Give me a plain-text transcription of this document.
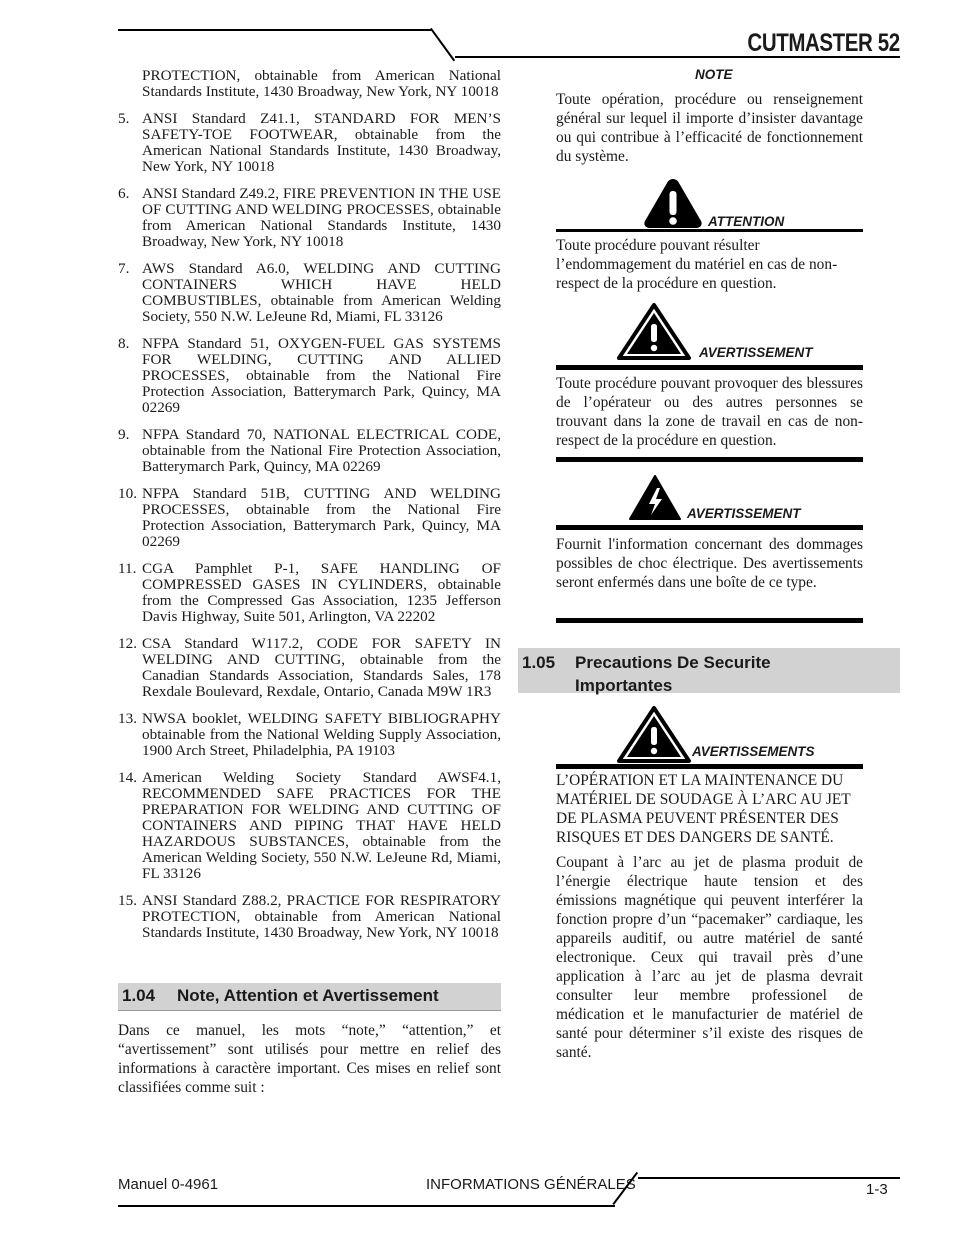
CUTMASTER 52
PROTECTION, obtainable from American National Standards Institute, 1430 Broadway, New York, NY 10018
5. ANSI Standard Z41.1, STANDARD FOR MEN’S SAFETY-TOE FOOTWEAR, obtainable from the American National Standards Institute, 1430 Broadway, New York, NY 10018
6. ANSI Standard Z49.2, FIRE PREVENTION IN THE USE OF CUTTING AND WELDING PROCESSES, obtainable from American National Standards Institute, 1430 Broadway, New York, NY 10018
7. AWS Standard A6.0, WELDING AND CUTTING CONTAINERS WHICH HAVE HELD COMBUSTIBLES, obtainable from American Welding Society, 550 N.W. LeJeune Rd, Miami, FL 33126
8. NFPA Standard 51, OXYGEN-FUEL GAS SYSTEMS FOR WELDING, CUTTING AND ALLIED PROCESSES, obtainable from the National Fire Protection Association, Batterymarch Park, Quincy, MA 02269
9. NFPA Standard 70, NATIONAL ELECTRICAL CODE, obtainable from the National Fire Protection Association, Batterymarch Park, Quincy, MA 02269
10. NFPA Standard 51B, CUTTING AND WELDING PROCESSES, obtainable from the National Fire Protection Association, Batterymarch Park, Quincy, MA 02269
11. CGA Pamphlet P-1, SAFE HANDLING OF COMPRESSED GASES IN CYLINDERS, obtainable from the Compressed Gas Association, 1235 Jefferson Davis Highway, Suite 501, Arlington, VA 22202
12. CSA Standard W117.2, CODE FOR SAFETY IN WELDING AND CUTTING, obtainable from the Canadian Standards Association, Standards Sales, 178 Rexdale Boulevard, Rexdale, Ontario, Canada M9W 1R3
13. NWSA booklet, WELDING SAFETY BIBLIOGRAPHY obtainable from the National Welding Supply Association, 1900 Arch Street, Philadelphia, PA 19103
14. American Welding Society Standard AWSF4.1, RECOMMENDED SAFE PRACTICES FOR THE PREPARATION FOR WELDING AND CUTTING OF CONTAINERS AND PIPING THAT HAVE HELD HAZARDOUS SUBSTANCES, obtainable from the American Welding Society, 550 N.W. LeJeune Rd, Miami, FL 33126
15. ANSI Standard Z88.2, PRACTICE FOR RESPIRATORY PROTECTION, obtainable from American National Standards Institute, 1430 Broadway, New York, NY 10018
1.04 Note, Attention et Avertissement
Dans ce manuel, les mots “note,” “attention,” et “avertissement” sont utilisés pour mettre en relief des informations à caractère important. Ces mises en relief sont classifiées comme suit :
NOTE
Toute opération, procédure ou renseignement général sur lequel il importe d’insister davantage ou qui contribue à l’efficacité de fonctionnement du système.
ATTENTION
Toute procédure pouvant résulter l’endommagement du matériel en cas de non-respect de la procédure en question.
AVERTISSEMENT
Toute procédure pouvant provoquer des blessures de l’opérateur ou des autres personnes se trouvant dans la zone de travail en cas de non-respect de la procédure en question.
AVERTISSEMENT
Fournit l'information concernant des dommages possibles de choc électrique. Des avertissements seront enfermés dans une boîte de ce type.
1.05 Precautions De Securite
Importantes
AVERTISSEMENTS
L’OPÉRATION ET LA MAINTENANCE DU MATÉRIEL DE SOUDAGE À L’ARC AU JET DE PLASMA PEUVENT PRÉSENTER DES RISQUES ET DES DANGERS DE SANTÉ.
Coupant à l’arc au jet de plasma produit de l’énergie électrique haute tension et des émissions magnétique qui peuvent interférer la fonction propre d’un “pacemaker” cardiaque, les appareils auditif, ou autre matériel de santé electronique. Ceux qui travail près d’une application à l’arc au jet de plasma devrait consulter leur membre professionel de médication et le manufacturier de matériel de santé pour déterminer s’il existe des risques de santé.
Manuel 0-4961	INFORMATIONS GÉNÉRALES	1-3
